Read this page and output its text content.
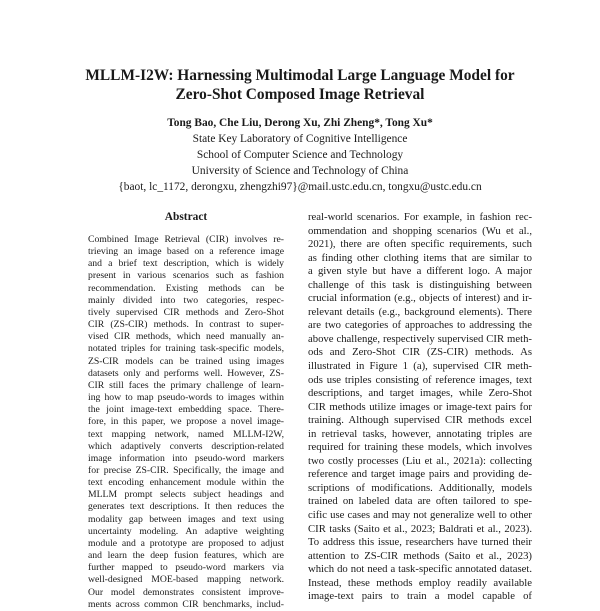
MLLM-I2W: Harnessing Multimodal Large Language Model for
Zero-Shot Composed Image Retrieval
Tong Bao, Che Liu, Derong Xu, Zhi Zheng*, Tong Xu*
State Key Laboratory of Cognitive Intelligence
School of Computer Science and Technology
University of Science and Technology of China
{baot, lc_1172, derongxu, zhengzhi97}@mail.ustc.edu.cn, tongxu@ustc.edu.cn
Abstract
Combined Image Retrieval (CIR) involves re-
trieving an image based on a reference image
and a brief text description, which is widely
present in various scenarios such as fashion
recommendation. Existing methods can be
mainly divided into two categories, respec-
tively supervised CIR methods and Zero-Shot
CIR (ZS-CIR) methods. In contrast to super-
vised CIR methods, which need manually an-
notated triples for training task-specific models,
ZS-CIR models can be trained using images
datasets only and performs well. However, ZS-
CIR still faces the primary challenge of learn-
ing how to map pseudo-words to images within
the joint image-text embedding space. There-
fore, in this paper, we propose a novel image-
text mapping network, named MLLM-I2W,
which adaptively converts description-related
image information into pseudo-word markers
for precise ZS-CIR. Specifically, the image and
text encoding enhancement module within the
MLLM prompt selects subject headings and
generates text descriptions. It then reduces the
modality gap between images and text using
uncertainty modeling. An adaptive weighting
module and a prototype are proposed to adjust
and learn the deep fusion features, which are
further mapped to pseudo-word markers via
well-designed MOE-based mapping network.
Our model demonstrates consistent improve-
ments across common CIR benchmarks, includ-
real-world scenarios. For example, in fashion rec-
ommendation and shopping scenarios (Wu et al.,
2021), there are often specific requirements, such
as finding other clothing items that are similar to
a given style but have a different logo. A major
challenge of this task is distinguishing between
crucial information (e.g., objects of interest) and ir-
relevant details (e.g., background elements). There
are two categories of approaches to addressing the
above challenge, respectively supervised CIR meth-
ods and Zero-Shot CIR (ZS-CIR) methods. As
illustrated in Figure 1 (a), supervised CIR meth-
ods use triples consisting of reference images, text
descriptions, and target images, while Zero-Shot
CIR methods utilize images or image-text pairs for
training. Although supervised CIR methods excel
in retrieval tasks, however, annotating triples are
required for training these models, which involves
two costly processes (Liu et al., 2021a): collecting
reference and target image pairs and providing de-
scriptions of modifications. Additionally, models
trained on labeled data are often tailored to spe-
cific use cases and may not generalize well to other
CIR tasks (Saito et al., 2023; Baldrati et al., 2023).
To address this issue, researchers have turned their
attention to ZS-CIR methods (Saito et al., 2023)
which do not need a task-specific annotated dataset.
Instead, these methods employ readily available
image-text pairs to train a model capable of
